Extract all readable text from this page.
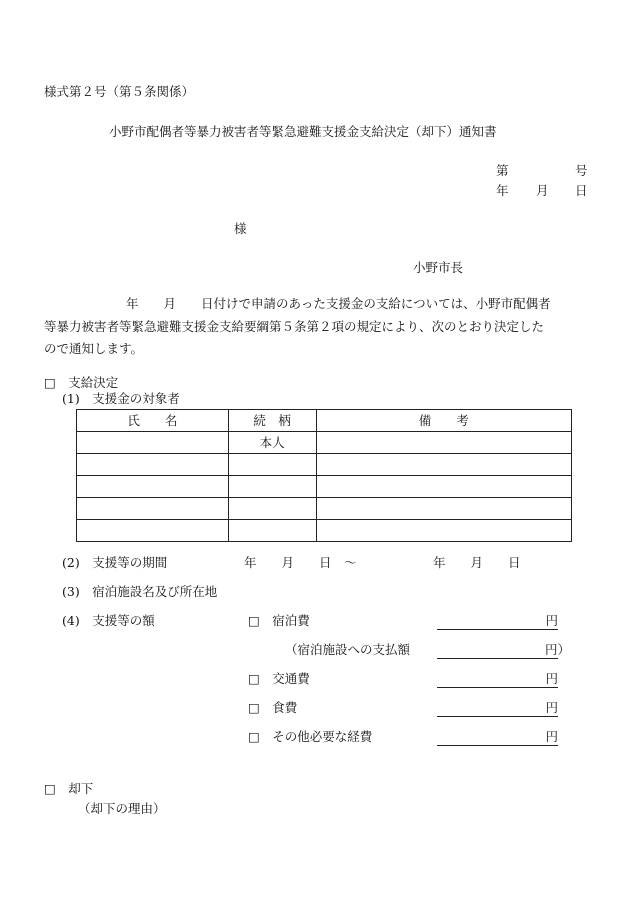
様式第２号（第５条関係）
小野市配偶者等暴力被害者等緊急避難支援金支給決定（却下）通知書
第	号
年 月 日
様
小野市長
年　　月　　日付けで申請のあった支援金の支給については、小野市配偶者
等暴力被害者等緊急避難支援金支給要綱第５条第２項の規定により、次のとおり決定した
ので通知します。
□　支給決定
(1)　支援金の対象者
氏　　名	続　柄	備　　考
	本人	

(2)　支援等の期間	年　　月　　日　～	年　　月　　日
(3)　宿泊施設名及び所在地
(4)　支援等の額	□　宿泊費	円
（宿泊施設への支払額	円）
□　交通費	円
□　食費	円
□　その他必要な経費	円
□　却下
（却下の理由）
